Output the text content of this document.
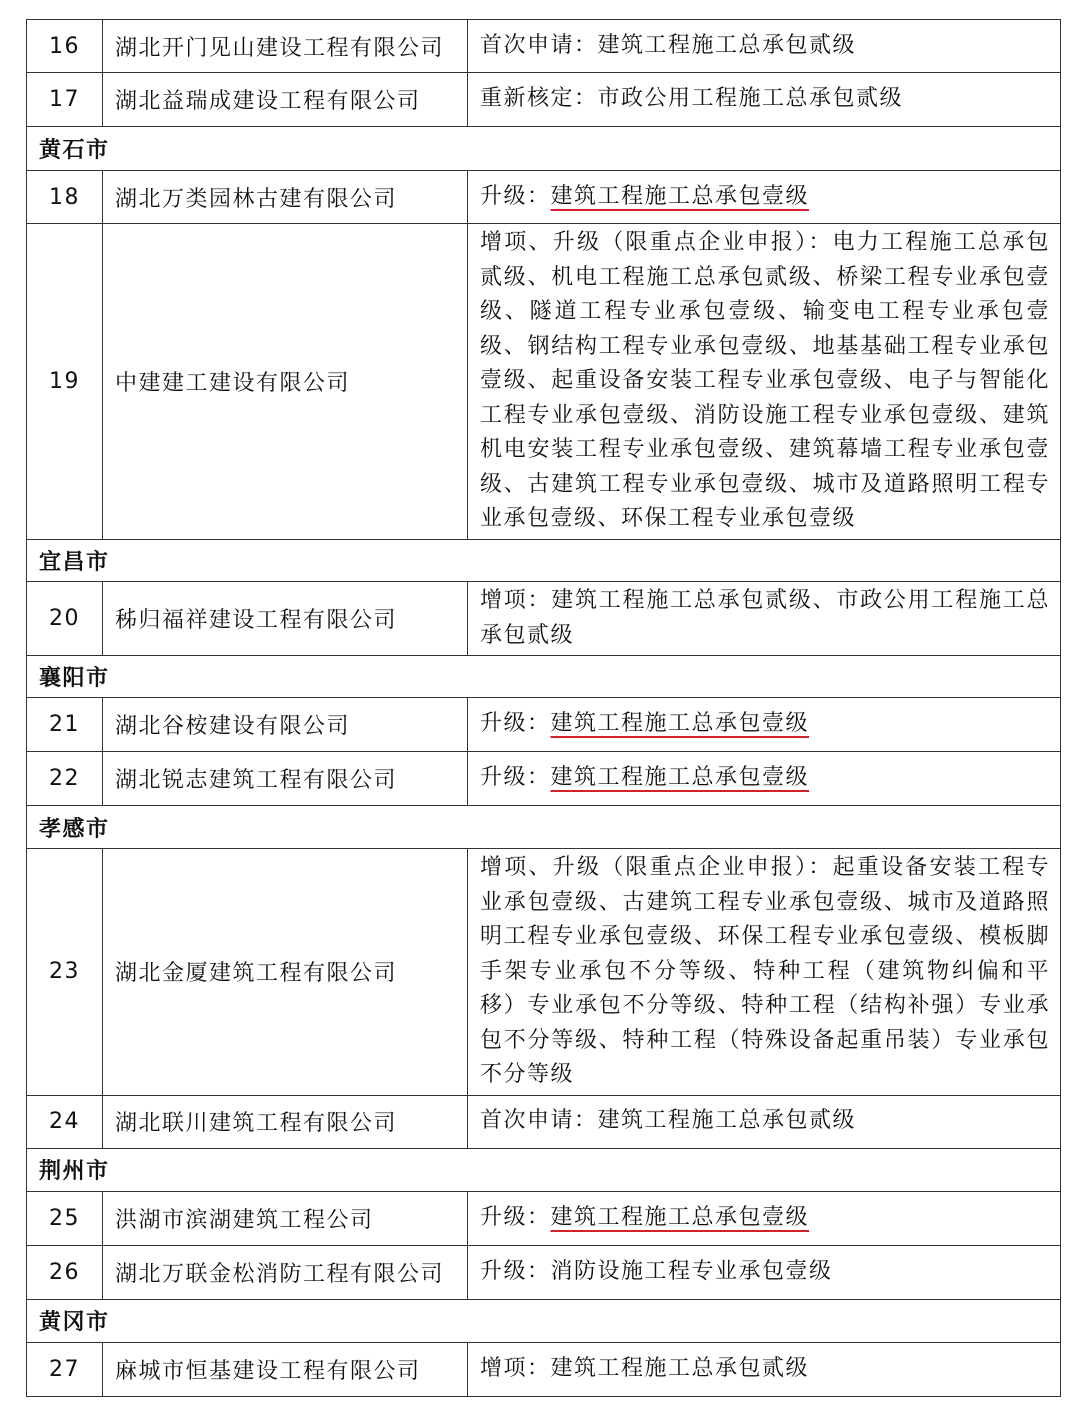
16	湖北开门见山建设工程有限公司	首次申请：建筑工程施工总承包贰级
17	湖北益瑞成建设工程有限公司	重新核定：市政公用工程施工总承包贰级
黄石市		
18	湖北万类园林古建有限公司	升级：建筑工程施工总承包壹级
19	中建建工建设有限公司	增项、升级（限重点企业申报）：电力工程施工总承包贰级、机电工程施工总承包贰级、桥梁工程专业承包壹级、隧道工程专业承包壹级、输变电工程专业承包壹级、钢结构工程专业承包壹级、地基基础工程专业承包壹级、起重设备安装工程专业承包壹级、电子与智能化工程专业承包壹级、消防设施工程专业承包壹级、建筑机电安装工程专业承包壹级、建筑幕墙工程专业承包壹级、古建筑工程专业承包壹级、城市及道路照明工程专业承包壹级、环保工程专业承包壹级
宜昌市		
20	秭归福祥建设工程有限公司	增项：建筑工程施工总承包贰级、市政公用工程施工总承包贰级
襄阳市		
21	湖北谷桉建设有限公司	升级：建筑工程施工总承包壹级
22	湖北锐志建筑工程有限公司	升级：建筑工程施工总承包壹级
孝感市		
23	湖北金厦建筑工程有限公司	增项、升级（限重点企业申报）：起重设备安装工程专业承包壹级、古建筑工程专业承包壹级、城市及道路照明工程专业承包壹级、环保工程专业承包壹级、模板脚手架专业承包不分等级、特种工程（建筑物纠偏和平移）专业承包不分等级、特种工程（结构补强）专业承包不分等级、特种工程（特殊设备起重吊装）专业承包不分等级
24	湖北联川建筑工程有限公司	首次申请：建筑工程施工总承包贰级
荆州市		
25	洪湖市滨湖建筑工程公司	升级：建筑工程施工总承包壹级
26	湖北万联金松消防工程有限公司	升级：消防设施工程专业承包壹级
黄冈市		
27	麻城市恒基建设工程有限公司	增项：建筑工程施工总承包贰级
